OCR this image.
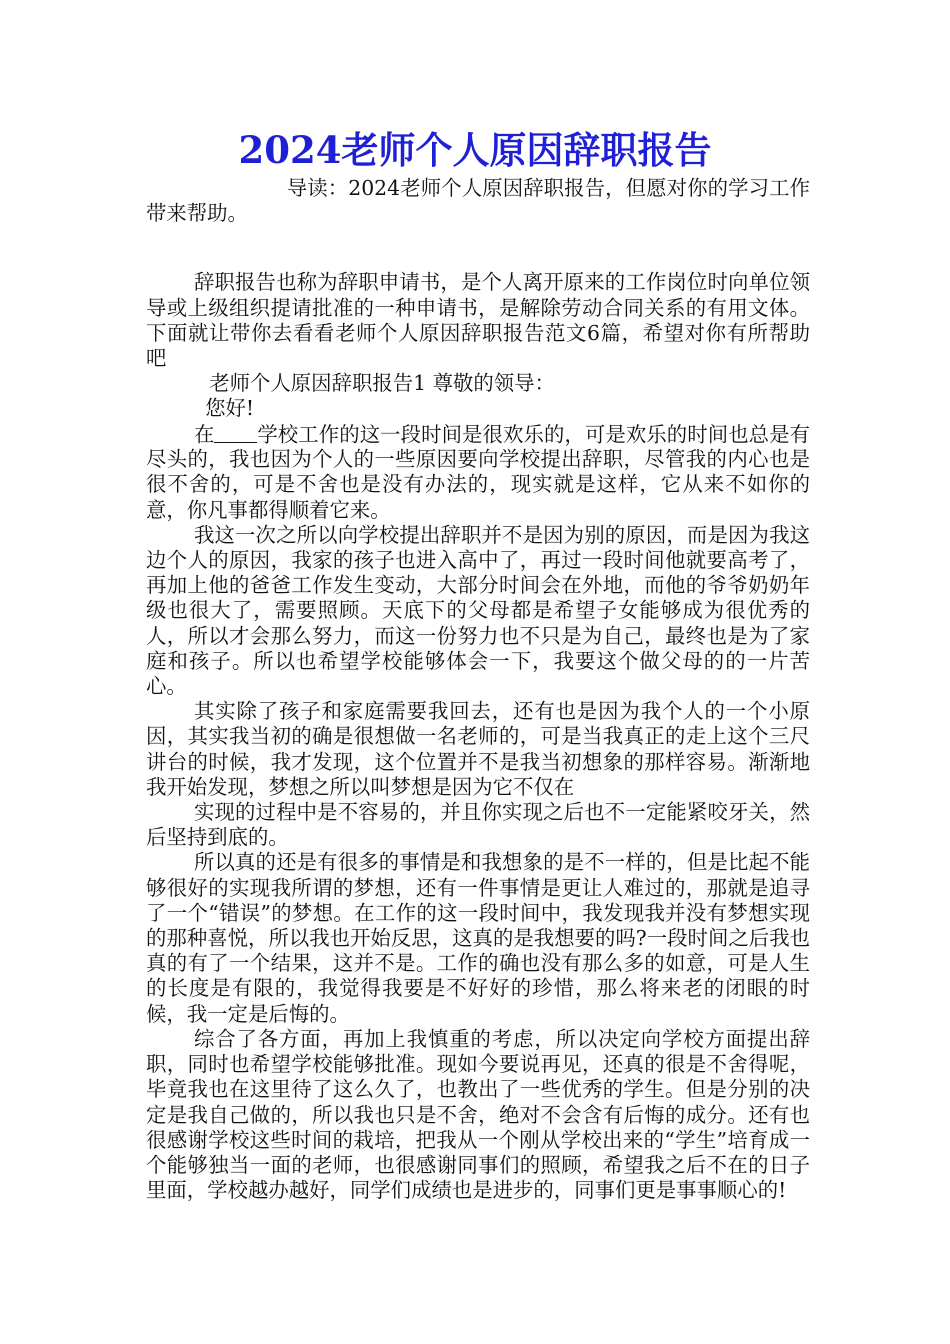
2024老师个人原因辞职报告

导读：2024老师个人原因辞职报告，但愿对你的学习工作带来帮助。

辞职报告也称为辞职申请书，是个人离开原来的工作岗位时向单位领导或上级组织提请批准的一种申请书，是解除劳动合同关系的有用文体。下面就让带你去看看老师个人原因辞职报告范文6篇，希望对你有所帮助吧

老师个人原因辞职报告1 尊敬的领导：

您好!

在 学校工作的这一段时间是很欢乐的，可是欢乐的时间也总是有尽头的，我也因为个人的一些原因要向学校提出辞职，尽管我的内心也是很不舍的，可是不舍也是没有办法的，现实就是这样，它从来不如你的意，你凡事都得顺着它来。

我这一次之所以向学校提出辞职并不是因为别的原因，而是因为我这边个人的原因，我家的孩子也进入高中了，再过一段时间他就要高考了，再加上他的爸爸工作发生变动，大部分时间会在外地，而他的爷爷奶奶年级也很大了，需要照顾。天底下的父母都是希望子女能够成为很优秀的人，所以才会那么努力，而这一份努力也不只是为自己，最终也是为了家庭和孩子。所以也希望学校能够体会一下，我要这个做父母的的一片苦心。

其实除了孩子和家庭需要我回去，还有也是因为我个人的一个小原因，其实我当初的确是很想做一名老师的，可是当我真正的走上这个三尺讲台的时候，我才发现，这个位置并不是我当初想象的那样容易。渐渐地我开始发现，梦想之所以叫梦想是因为它不仅在

实现的过程中是不容易的，并且你实现之后也不一定能紧咬牙关，然后坚持到底的。

所以真的还是有很多的事情是和我想象的是不一样的，但是比起不能够很好的实现我所谓的梦想，还有一件事情是更让人难过的，那就是追寻了一个“错误”的梦想。在工作的这一段时间中，我发现我并没有梦想实现的那种喜悦，所以我也开始反思，这真的是我想要的吗?一段时间之后我也真的有了一个结果，这并不是。工作的确也没有那么多的如意，可是人生的长度是有限的，我觉得我要是不好好的珍惜，那么将来老的闭眼的时候，我一定是后悔的。

综合了各方面，再加上我慎重的考虑，所以决定向学校方面提出辞职，同时也希望学校能够批准。现如今要说再见，还真的很是不舍得呢，毕竟我也在这里待了这么久了，也教出了一些优秀的学生。但是分别的决定是我自己做的，所以我也只是不舍，绝对不会含有后悔的成分。还有也很感谢学校这些时间的栽培，把我从一个刚从学校出来的“学生”培育成一个能够独当一面的老师，也很感谢同事们的照顾，希望我之后不在的日子里面，学校越办越好，同学们成绩也是进步的，同事们更是事事顺心的!
